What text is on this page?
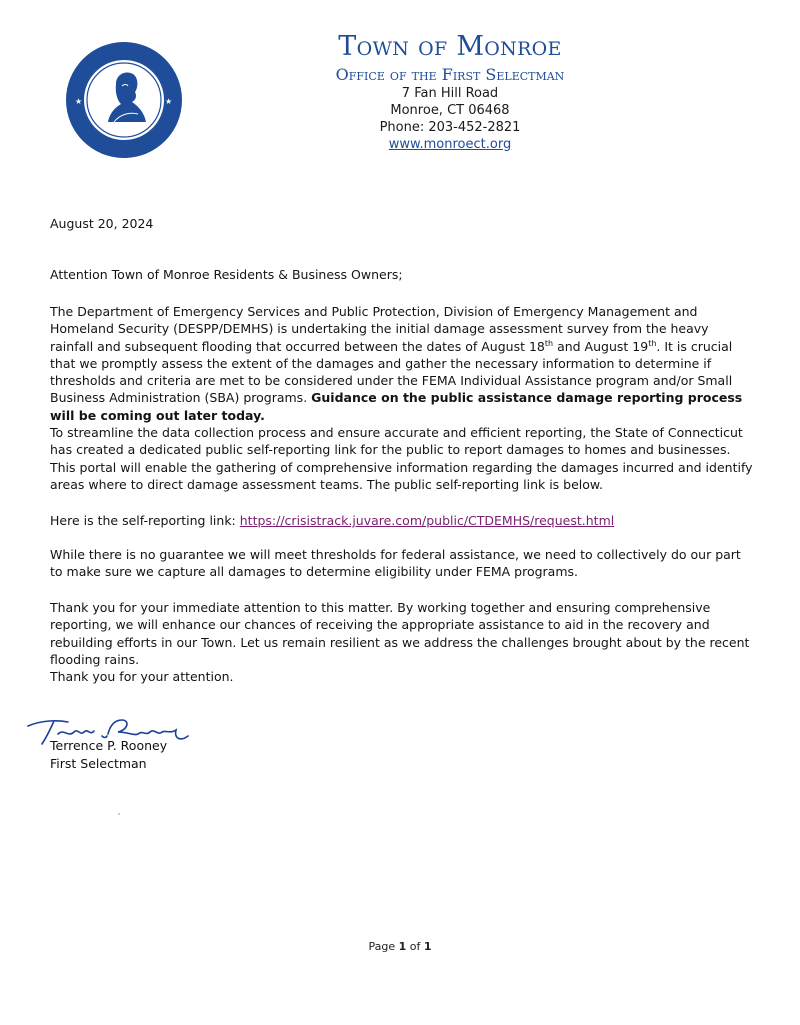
★	★
Town of Monroe
Office of the First Selectman
7 Fan Hill Road
Monroe, CT 06468
Phone: 203-452-2821
www.monroect.org
August 20, 2024
Attention Town of Monroe Residents & Business Owners;
The Department of Emergency Services and Public Protection, Division of Emergency Management and Homeland Security (DESPP/DEMHS) is undertaking the initial damage assessment survey from the heavy rainfall and subsequent flooding that occurred between the dates of August 18th and August 19th. It is crucial that we promptly assess the extent of the damages and gather the necessary information to determine if thresholds and criteria are met to be considered under the FEMA Individual Assistance program and/or Small Business Administration (SBA) programs. Guidance on the public assistance damage reporting process will be coming out later today.
To streamline the data collection process and ensure accurate and efficient reporting, the State of Connecticut has created a dedicated public self-reporting link for the public to report damages to homes and businesses. This portal will enable the gathering of comprehensive information regarding the damages incurred and identify areas where to direct damage assessment teams. The public self-reporting link is below.
Here is the self-reporting link: https://crisistrack.juvare.com/public/CTDEMHS/request.html
While there is no guarantee we will meet thresholds for federal assistance, we need to collectively do our part to make sure we capture all damages to determine eligibility under FEMA programs.
Thank you for your immediate attention to this matter. By working together and ensuring comprehensive reporting, we will enhance our chances of receiving the appropriate assistance to aid in the recovery and rebuilding efforts in our Town. Let us remain resilient as we address the challenges brought about by the recent flooding rains.
Thank you for your attention.
Terrence P. Rooney
First Selectman
Page 1 of 1
